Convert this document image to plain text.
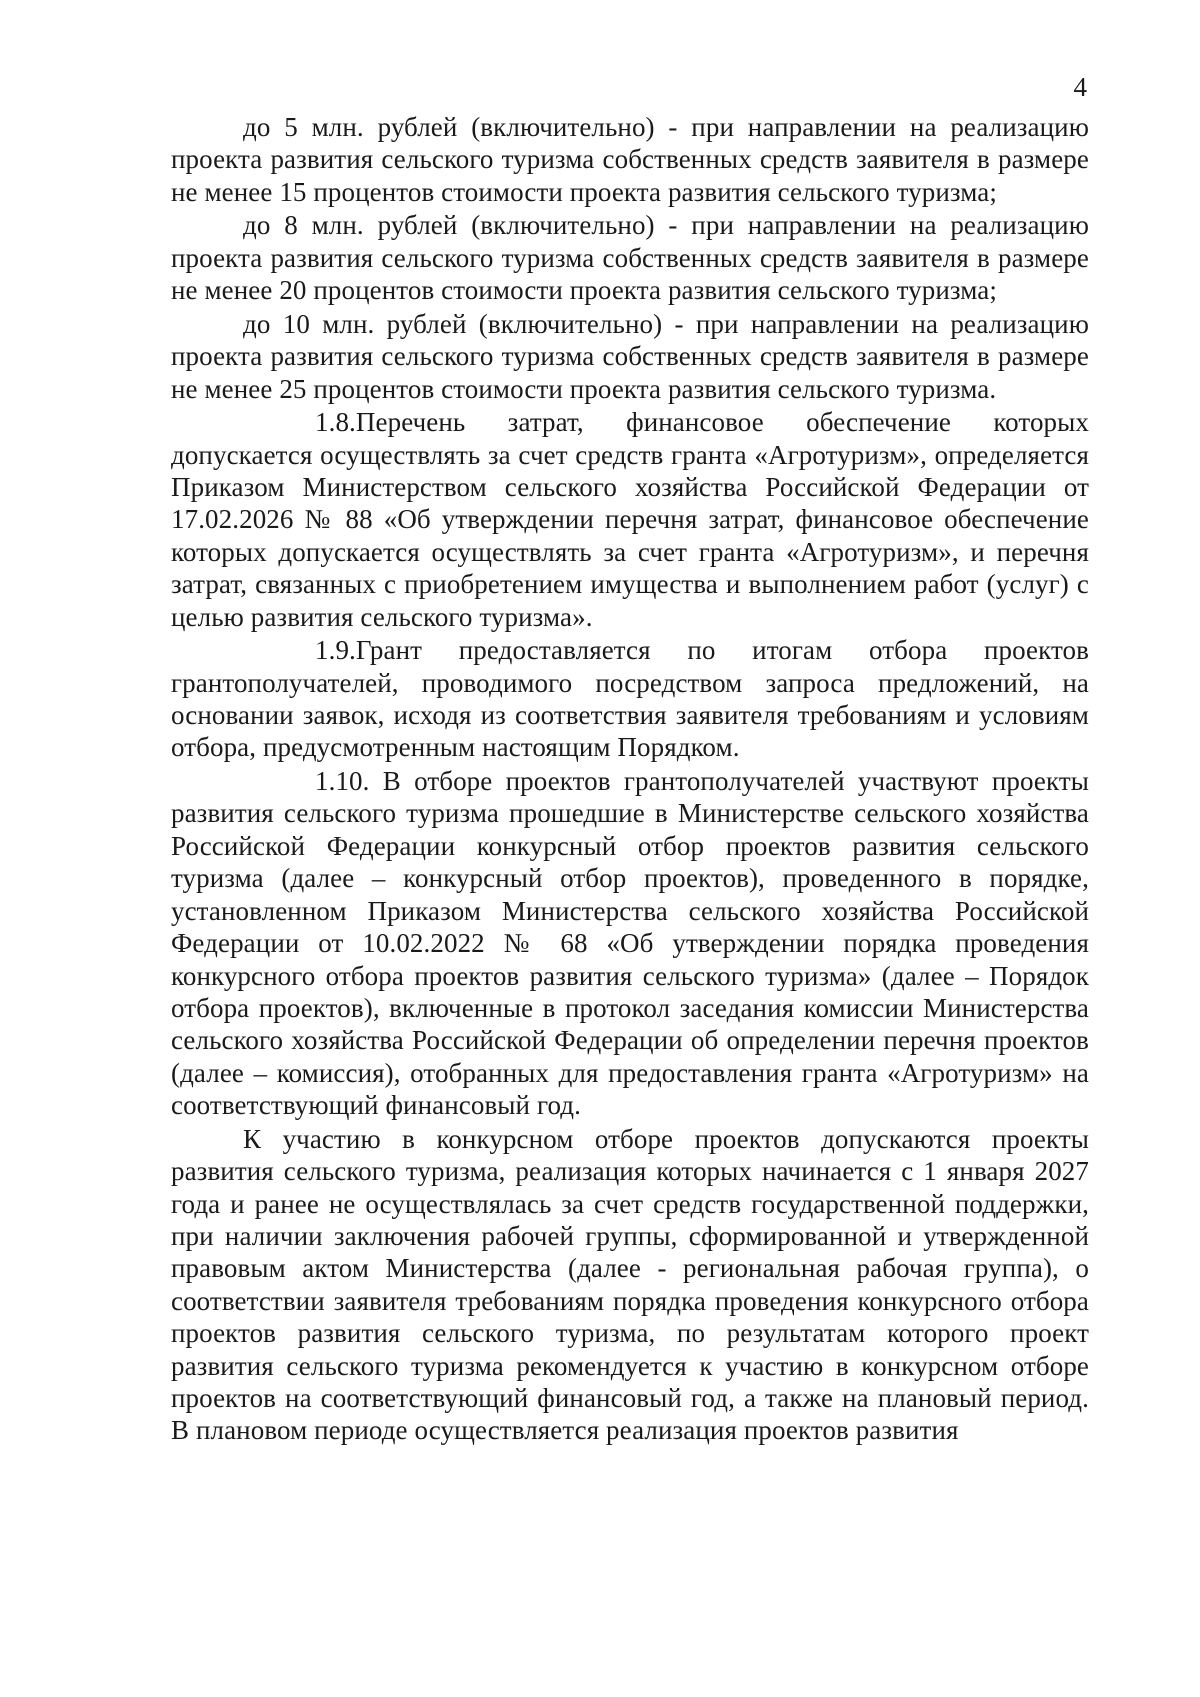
4

до 5 млн. рублей (включительно) - при направлении на реализацию проекта развития сельского туризма собственных средств заявителя в размере не менее 15 процентов стоимости проекта развития сельского туризма;

до 8 млн. рублей (включительно) - при направлении на реализацию проекта развития сельского туризма собственных средств заявителя в размере не менее 20 процентов стоимости проекта развития сельского туризма;

до 10 млн. рублей (включительно) - при направлении на реализацию проекта развития сельского туризма собственных средств заявителя в размере не менее 25 процентов стоимости проекта развития сельского туризма.

1.8.Перечень затрат, финансовое обеспечение которых допускается осуществлять за счет средств гранта «Агротуризм», определяется Приказом Министерством сельского хозяйства Российской Федерации от 17.02.2026 № 88 «Об утверждении перечня затрат, финансовое обеспечение которых допускается осуществлять за счет гранта «Агротуризм», и перечня затрат, связанных с приобретением имущества и выполнением работ (услуг) с целью развития сельского туризма».

1.9.Грант предоставляется по итогам отбора проектов грантополучателей, проводимого посредством запроса предложений, на основании заявок, исходя из соответствия заявителя требованиям и условиям отбора, предусмотренным настоящим Порядком.

1.10. В отборе проектов грантополучателей участвуют проекты развития сельского туризма прошедшие в Министерстве сельского хозяйства Российской Федерации конкурсный отбор проектов развития сельского туризма (далее – конкурсный отбор проектов), проведенного в порядке, установленном Приказом Министерства сельского хозяйства Российской Федерации от 10.02.2022 № 68 «Об утверждении порядка проведения конкурсного отбора проектов развития сельского туризма» (далее – Порядок отбора проектов), включенные в протокол заседания комиссии Министерства сельского хозяйства Российской Федерации об определении перечня проектов (далее – комиссия), отобранных для предоставления гранта «Агротуризм» на соответствующий финансовый год.

К участию в конкурсном отборе проектов допускаются проекты развития сельского туризма, реализация которых начинается с 1 января 2027 года и ранее не осуществлялась за счет средств государственной поддержки, при наличии заключения рабочей группы, сформированной и утвержденной правовым актом Министерства (далее - региональная рабочая группа), о соответствии заявителя требованиям порядка проведения конкурсного отбора проектов развития сельского туризма, по результатам которого проект развития сельского туризма рекомендуется к участию в конкурсном отборе проектов на соответствующий финансовый год, а также на плановый период. В плановом периоде осуществляется реализация проектов развития
